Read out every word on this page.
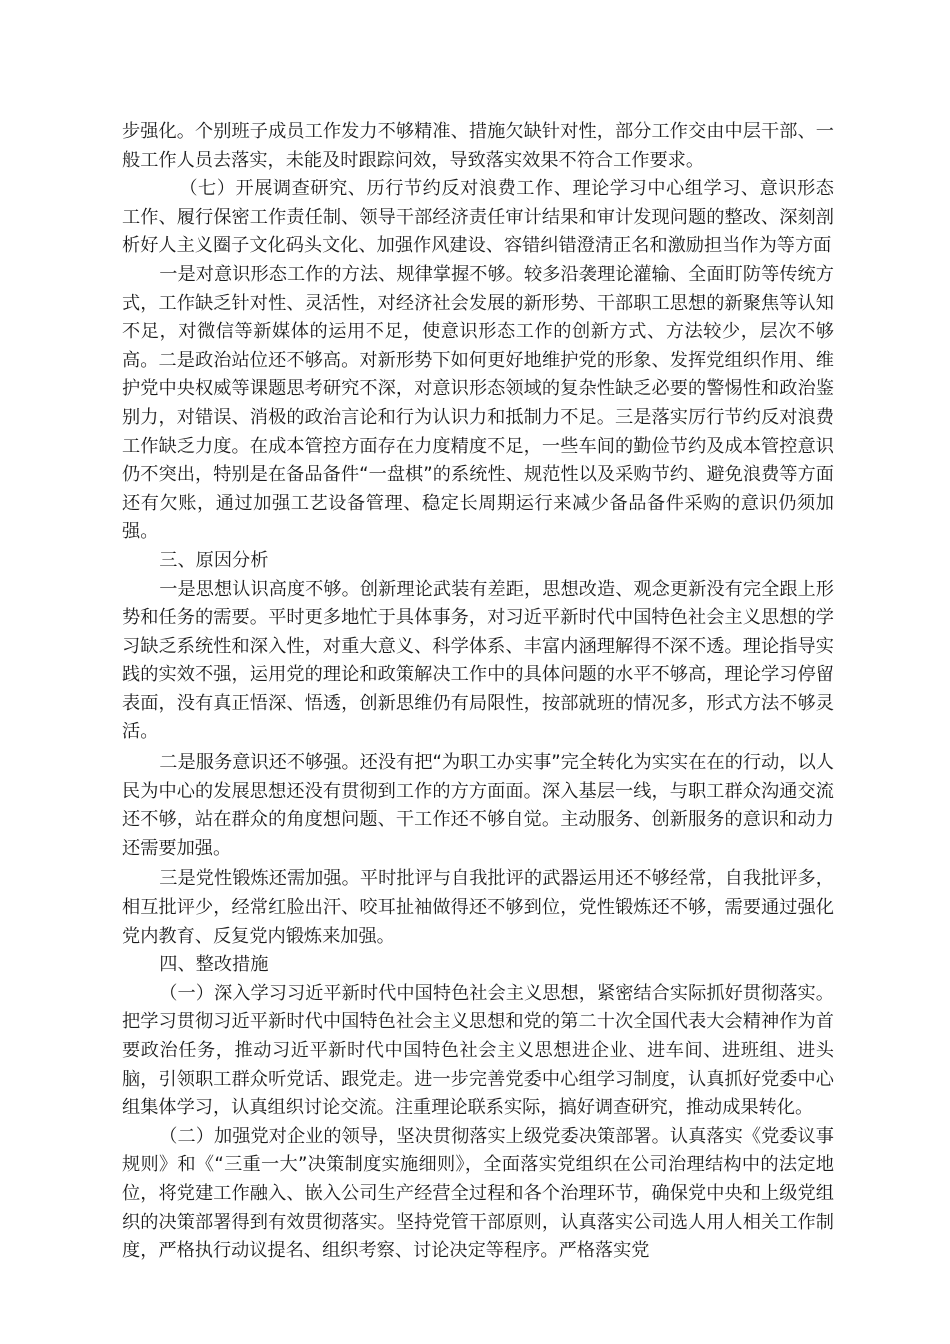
步强化。个别班子成员工作发力不够精准、措施欠缺针对性，部分工作交由中层干部、一般工作人员去落实，未能及时跟踪问效，导致落实效果不符合工作要求。

（七）开展调查研究、历行节约反对浪费工作、理论学习中心组学习、意识形态工作、履行保密工作责任制、领导干部经济责任审计结果和审计发现问题的整改、深刻剖析好人主义圈子文化码头文化、加强作风建设、容错纠错澄清正名和激励担当作为等方面

一是对意识形态工作的方法、规律掌握不够。较多沿袭理论灌输、全面盯防等传统方式，工作缺乏针对性、灵活性，对经济社会发展的新形势、干部职工思想的新聚焦等认知不足，对微信等新媒体的运用不足，使意识形态工作的创新方式、方法较少，层次不够高。二是政治站位还不够高。对新形势下如何更好地维护党的形象、发挥党组织作用、维护党中央权威等课题思考研究不深，对意识形态领域的复杂性缺乏必要的警惕性和政治鉴别力，对错误、消极的政治言论和行为认识力和抵制力不足。三是落实厉行节约反对浪费工作缺乏力度。在成本管控方面存在力度精度不足，一些车间的勤俭节约及成本管控意识仍不突出，特别是在备品备件“一盘棋”的系统性、规范性以及采购节约、避免浪费等方面还有欠账，通过加强工艺设备管理、稳定长周期运行来减少备品备件采购的意识仍须加强。

三、原因分析

一是思想认识高度不够。创新理论武装有差距，思想改造、观念更新没有完全跟上形势和任务的需要。平时更多地忙于具体事务，对习近平新时代中国特色社会主义思想的学习缺乏系统性和深入性，对重大意义、科学体系、丰富内涵理解得不深不透。理论指导实践的实效不强，运用党的理论和政策解决工作中的具体问题的水平不够高，理论学习停留表面，没有真正悟深、悟透，创新思维仍有局限性，按部就班的情况多，形式方法不够灵活。

二是服务意识还不够强。还没有把“为职工办实事”完全转化为实实在在的行动，以人民为中心的发展思想还没有贯彻到工作的方方面面。深入基层一线，与职工群众沟通交流还不够，站在群众的角度想问题、干工作还不够自觉。主动服务、创新服务的意识和动力还需要加强。

三是党性锻炼还需加强。平时批评与自我批评的武器运用还不够经常，自我批评多，相互批评少，经常红脸出汗、咬耳扯袖做得还不够到位，党性锻炼还不够，需要通过强化党内教育、反复党内锻炼来加强。

四、整改措施

（一）深入学习习近平新时代中国特色社会主义思想，紧密结合实际抓好贯彻落实。把学习贯彻习近平新时代中国特色社会主义思想和党的第二十次全国代表大会精神作为首要政治任务，推动习近平新时代中国特色社会主义思想进企业、进车间、进班组、进头脑，引领职工群众听党话、跟党走。进一步完善党委中心组学习制度，认真抓好党委中心组集体学习，认真组织讨论交流。注重理论联系实际，搞好调查研究，推动成果转化。

（二）加强党对企业的领导，坚决贯彻落实上级党委决策部署。认真落实《党委议事规则》和《“三重一大”决策制度实施细则》，全面落实党组织在公司治理结构中的法定地位，将党建工作融入、嵌入公司生产经营全过程和各个治理环节，确保党中央和上级党组织的决策部署得到有效贯彻落实。坚持党管干部原则，认真落实公司选人用人相关工作制度，严格执行动议提名、组织考察、讨论决定等程序。严格落实党
